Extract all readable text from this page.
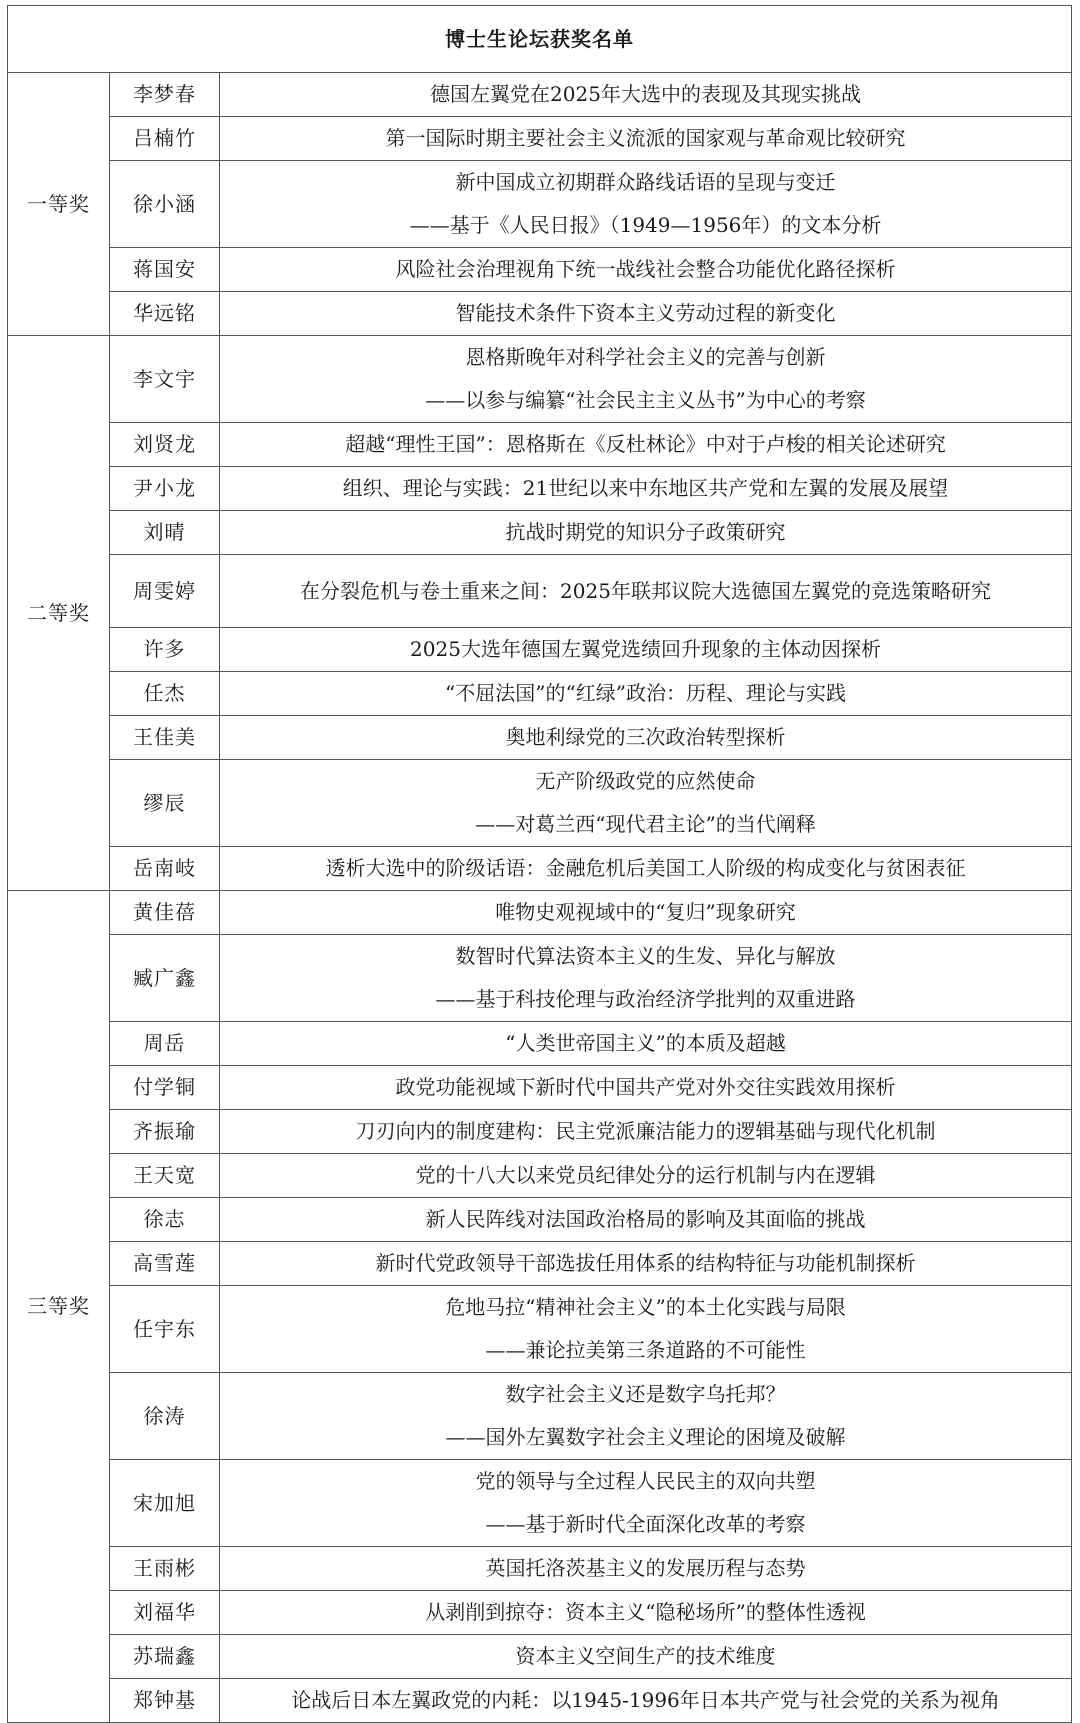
博士生论坛获奖名单		
一等奖	李梦春	德国左翼党在2025年大选中的表现及其现实挑战

	吕楠竹	第一国际时期主要社会主义流派的国家观与革命观比较研究

	徐小涵	新中国成立初期群众路线话语的呈现与变迁
——基于《人民日报》（1949—1956年）的文本分析

	蒋国安	风险社会治理视角下统一战线社会整合功能优化路径探析

	华远铭	智能技术条件下资本主义劳动过程的新变化

二等奖	李文宇	恩格斯晚年对科学社会主义的完善与创新
——以参与编纂“社会民主主义丛书”为中心的考察

	刘贤龙	超越“理性王国”：恩格斯在《反杜林论》中对于卢梭的相关论述研究

	尹小龙	组织、理论与实践：21世纪以来中东地区共产党和左翼的发展及展望

	刘晴	抗战时期党的知识分子政策研究

	周雯婷	在分裂危机与卷土重来之间：2025年联邦议院大选德国左翼党的竞选策略研究

	许多	2025大选年德国左翼党选绩回升现象的主体动因探析

	任杰	“不屈法国”的“红绿”政治：历程、理论与实践

	王佳美	奥地利绿党的三次政治转型探析

	缪辰	无产阶级政党的应然使命
——对葛兰西“现代君主论”的当代阐释

	岳南岐	透析大选中的阶级话语：金融危机后美国工人阶级的构成变化与贫困表征

三等奖	黄佳蓓	唯物史观视域中的“复归”现象研究

	臧广鑫	数智时代算法资本主义的生发、异化与解放
——基于科技伦理与政治经济学批判的双重进路

	周岳	“人类世帝国主义”的本质及超越

	付学铜	政党功能视域下新时代中国共产党对外交往实践效用探析

	齐振瑜	刀刃向内的制度建构：民主党派廉洁能力的逻辑基础与现代化机制

	王天宽	党的十八大以来党员纪律处分的运行机制与内在逻辑

	徐志	新人民阵线对法国政治格局的影响及其面临的挑战

	高雪莲	新时代党政领导干部选拔任用体系的结构特征与功能机制探析

	任宇东	危地马拉“精神社会主义”的本土化实践与局限
——兼论拉美第三条道路的不可能性

	徐涛	数字社会主义还是数字乌托邦？
——国外左翼数字社会主义理论的困境及破解

	宋加旭	党的领导与全过程人民民主的双向共塑
——基于新时代全面深化改革的考察

	王雨彬	英国托洛茨基主义的发展历程与态势

	刘福华	从剥削到掠夺：资本主义“隐秘场所”的整体性透视

	苏瑞鑫	资本主义空间生产的技术维度

	郑钟基	论战后日本左翼政党的内耗：以1945-1996年日本共产党与社会党的关系为视角
